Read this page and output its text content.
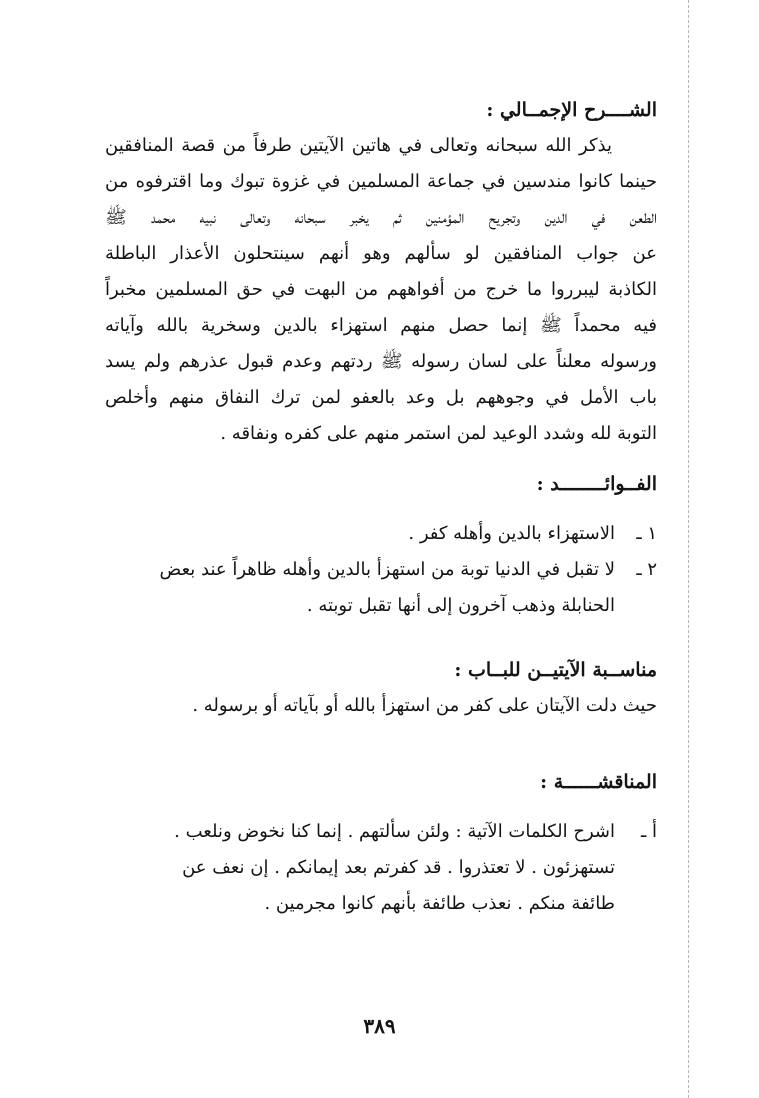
الشــــرح الإجمــالي :
يذكر الله سبحانه وتعالى في هاتين الآيتين طرفاً من قصة المنافقين
حينما كانوا مندسين في جماعة المسلمين في غزوة تبوك وما اقترفوه من
الطعن في الدين وتجريح المؤمنين ثم يخبر سبحانه وتعالى نبيه محمد ﷺ
عن جواب المنافقين لو سألهم وهو أنهم سينتحلون الأعذار الباطلة
الكاذبة ليبرروا ما خرج من أفواههم من البهت في حق المسلمين مخبراً
فيه محمداً ﷺ إنما حصل منهم استهزاء بالدين وسخرية بالله وآياته
ورسوله معلناً على لسان رسوله ﷺ ردتهم وعدم قبول عذرهم ولم يسد
باب الأمل في وجوههم بل وعد بالعفو لمن ترك النفاق منهم وأخلص
التوبة لله وشدد الوعيد لمن استمر منهم على كفره ونفاقه .
الفــوائــــــــد :
١ ـ
الاستهزاء بالدين وأهله كفر .
٢ ـ
لا تقبل في الدنيا توبة من استهزأ بالدين وأهله ظاهراً عند بعض
الحنابلة وذهب آخرون إلى أنها تقبل توبته .
مناســبة الآيتيــن للبــاب :
حيث دلت الآيتان على كفر من استهزأ بالله أو بآياته أو برسوله .
المناقشــــــة :
أ ـ
اشرح الكلمات الآتية : ولئن سألتهم . إنما كنا نخوض ونلعب .
تستهزئون . لا تعتذروا . قد كفرتم بعد إيمانكم . إن نعف عن
طائفة منكم . نعذب طائفة بأنهم كانوا مجرمين .
٣٨٩
